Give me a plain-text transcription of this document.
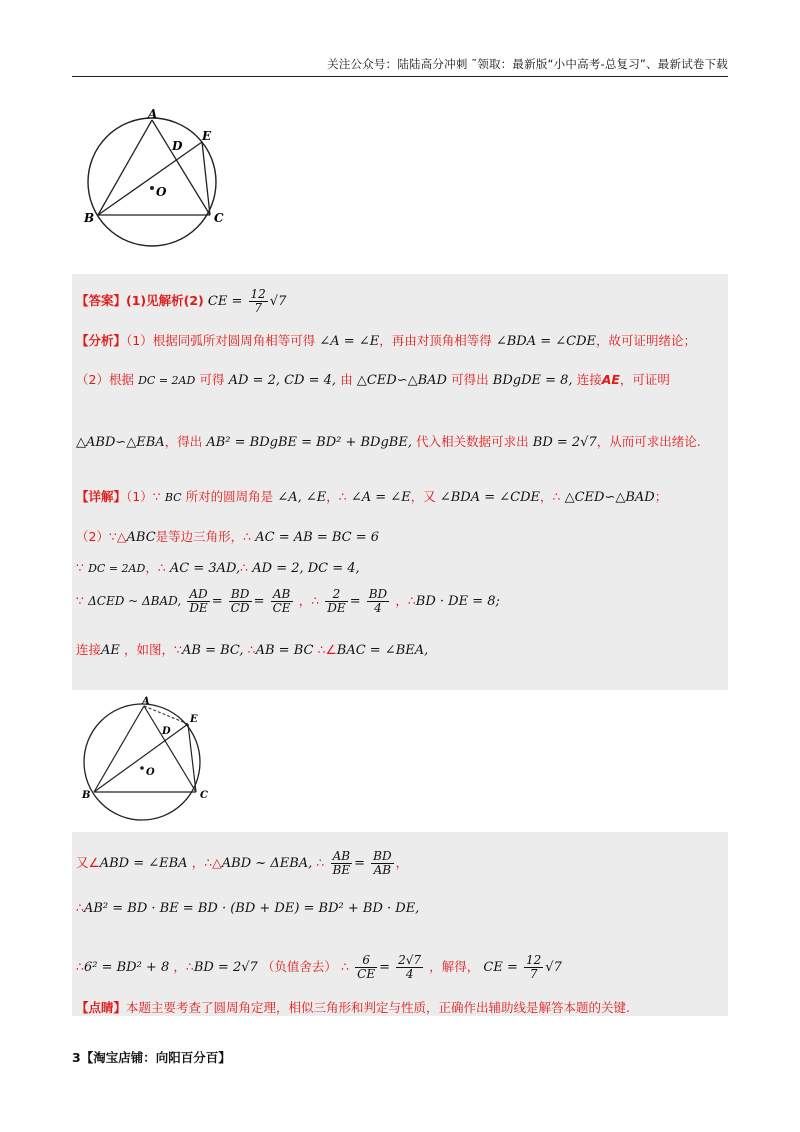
关注公众号：陆陆高分冲刺 ˜领取：最新版“小中高考-总复习”、最新试卷下载
A
B	C
D
E
O
【答案】(1)见解析(2) CE = $\frac{12}{7} √7$
【分析】（1）根据同弧所对圆周角相等可得 ∠A = ∠E，再由对顶角相等得 ∠BDA = ∠CDE，故可证明绪论；
（2）根据 DC = 2AD 可得 AD = 2, CD = 4, 由 △CED∽△BAD 可得出 BDgDE = 8, 连接AE，可证明
△ABD∽△EBA，得出 AB² = BDgBE = BD² + BDgBE, 代入相关数据可求出 BD = 2√7，从而可求出绪论.
【详解】（1）∵ BC 所对的圆周角是 ∠A, ∠E，∴ ∠A = ∠E，又 ∠BDA = ∠CDE，∴ △CED∽△BAD；
（2）∵△ABC是等边三角形，∴ AC = AB = BC = 6
∵ DC = 2AD，∴ AC = 3AD,∴ AD = 2, DC = 4,
∵ ΔCED ~ ΔBAD, $\frac{AD}{DE} = \frac{BD}{CD} = \frac{AB}{CE}$ ，∴ $\frac{2}{DE} = \frac{BD}{4}$ ，∴BD · DE = 8;
连接AE ，如图，∵AB = BC, ∴AB = BC ∴∠BAC = ∠BEA,
A
B	C
D
E
O
又∠ABD = ∠EBA ，∴△ABD ~ ΔEBA, ∴ $\frac{AB}{BE} = \frac{BD}{AB}$ ，
∴AB² = BD · BE = BD · (BD + DE) = BD² + BD · DE,
∴6² = BD² + 8 ，∴BD = 2√7 （负值舍去） ∴ $\frac{6}{CE} = \frac{2√7}{4}$ ，解得， CE = $\frac{12}{7} √7$
【点睛】本题主要考查了圆周角定理，相似三角形和判定与性质，正确作出辅助线是解答本题的关键.
3【淘宝店铺：向阳百分百】
